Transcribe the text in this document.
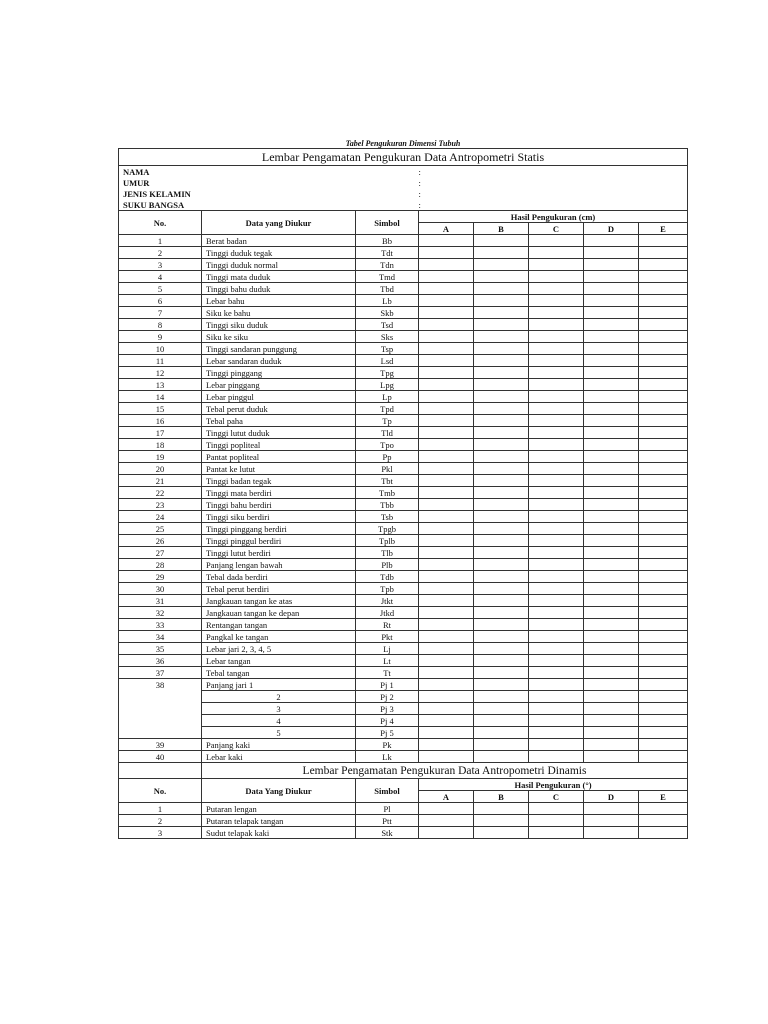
Tabel Pengukuran Dimensi Tubuh
Lembar Pengamatan Pengukuran Data Antropometri Statis							
NAMA			:				
UMUR			:				
JENIS KELAMIN			:				
SUKU BANGSA			:				
No.	Data yang Diukur	Simbol	Hasil Pengukuran (cm)				
			A	B	C	D	E
1	Berat badan	Bb					
2	Tinggi duduk tegak	Tdt					
3	Tinggi duduk normal	Tdn					
4	Tinggi mata duduk	Tmd					
5	Tinggi bahu duduk	Tbd					
6	Lebar bahu	Lb					
7	Siku ke bahu	Skb					
8	Tinggi siku duduk	Tsd					
9	Siku ke siku	Sks					
10	Tinggi sandaran punggung	Tsp					
11	Lebar sandaran duduk	Lsd					
12	Tinggi pinggang	Tpg					
13	Lebar pinggang	Lpg					
14	Lebar pinggul	Lp					
15	Tebal perut duduk	Tpd					
16	Tebal paha	Tp					
17	Tinggi lutut duduk	Tld					
18	Tinggi popliteal	Tpo					
19	Pantat popliteal	Pp					
20	Pantat ke lutut	Pkl					
21	Tinggi badan tegak	Tbt					
22	Tinggi mata berdiri	Tmb					
23	Tinggi bahu berdiri	Tbb					
24	Tinggi siku berdiri	Tsb					
25	Tinggi pinggang berdiri	Tpgb					
26	Tinggi pinggul berdiri	Tplb					
27	Tinggi lutut berdiri	Tlb					
28	Panjang lengan bawah	Plb					
29	Tebal dada berdiri	Tdb					
30	Tebal perut berdiri	Tpb					
31	Jangkauan tangan ke atas	Jtkt					
32	Jangkauan tangan ke depan	Jtkd					
33	Rentangan tangan	Rt					
34	Pangkal ke tangan	Pkt					
35	Lebar jari 2, 3, 4, 5	Lj					
36	Lebar tangan	Lt					
37	Tebal tangan	Tt					
38	Panjang jari 1	Pj 1					
	2	Pj 2					
	3	Pj 3					
	4	Pj 4					
	5	Pj 5					
39	Panjang kaki	Pk					
40	Lebar kaki	Lk					
	Lembar Pengamatan Pengukuran Data Antropometri Dinamis						
No.	Data Yang Diukur	Simbol	Hasil Pengukuran (°)				
			A	B	C	D	E
1	Putaran lengan	Pl					
2	Putaran telapak tangan	Ptt					
3	Sudut telapak kaki	Stk					
